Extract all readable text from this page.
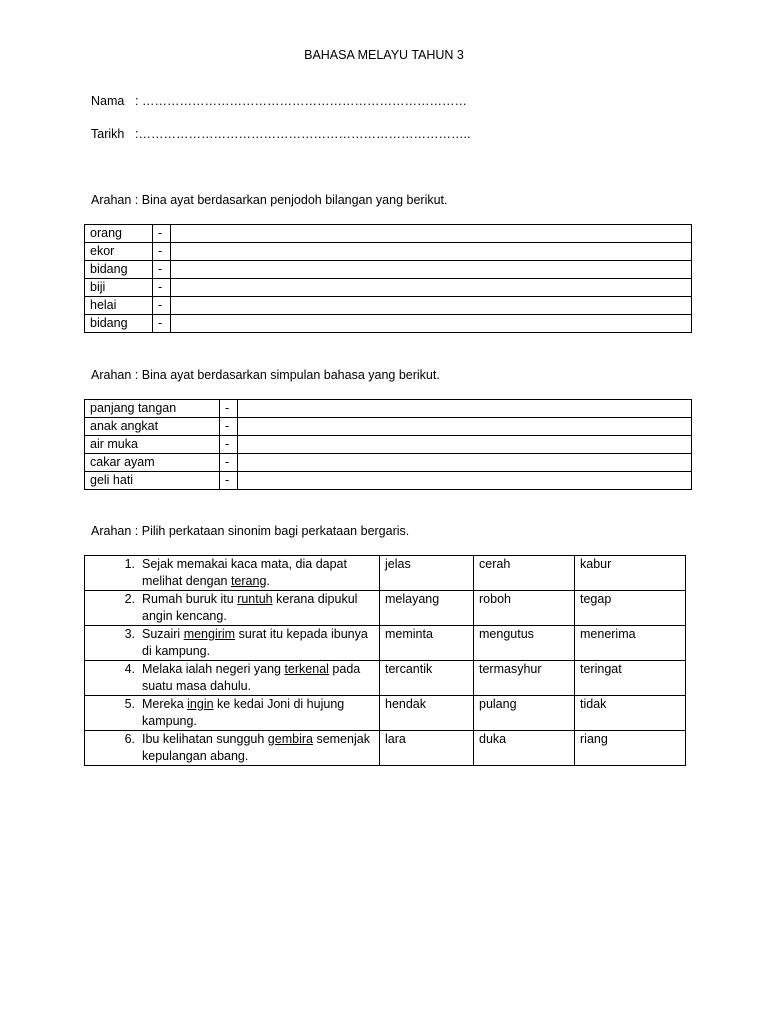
BAHASA MELAYU TAHUN 3
Nama : ……………………………………………………………………
Tarikh :……………………………………………………………………..
Arahan : Bina ayat berdasarkan penjodoh bilangan yang berikut.
orang	-	
ekor	-	
bidang	-	
biji	-	
helai	-	
bidang	-	
Arahan : Bina ayat berdasarkan simpulan bahasa yang berikut.
panjang tangan	-	
anak angkat	-	
air muka	-	
cakar ayam	-	
geli hati	-	
Arahan : Pilih perkataan sinonim bagi perkataan bergaris.
1. Sejak memakai kaca mata, dia dapat melihat dengan terang.	jelas	cerah	kabur

2. Rumah buruk itu runtuh kerana dipukul angin kencang.	melayang	roboh	tegap

3. Suzairi mengirim surat itu kepada ibunya di kampung.	meminta	mengutus	menerima

4. Melaka ialah negeri yang terkenal pada suatu masa dahulu.	tercantik	termasyhur	teringat

5. Mereka ingin ke kedai Joni di hujung kampung.	hendak	pulang	tidak

6. Ibu kelihatan sungguh gembira semenjak kepulangan abang.	lara	duka	riang
